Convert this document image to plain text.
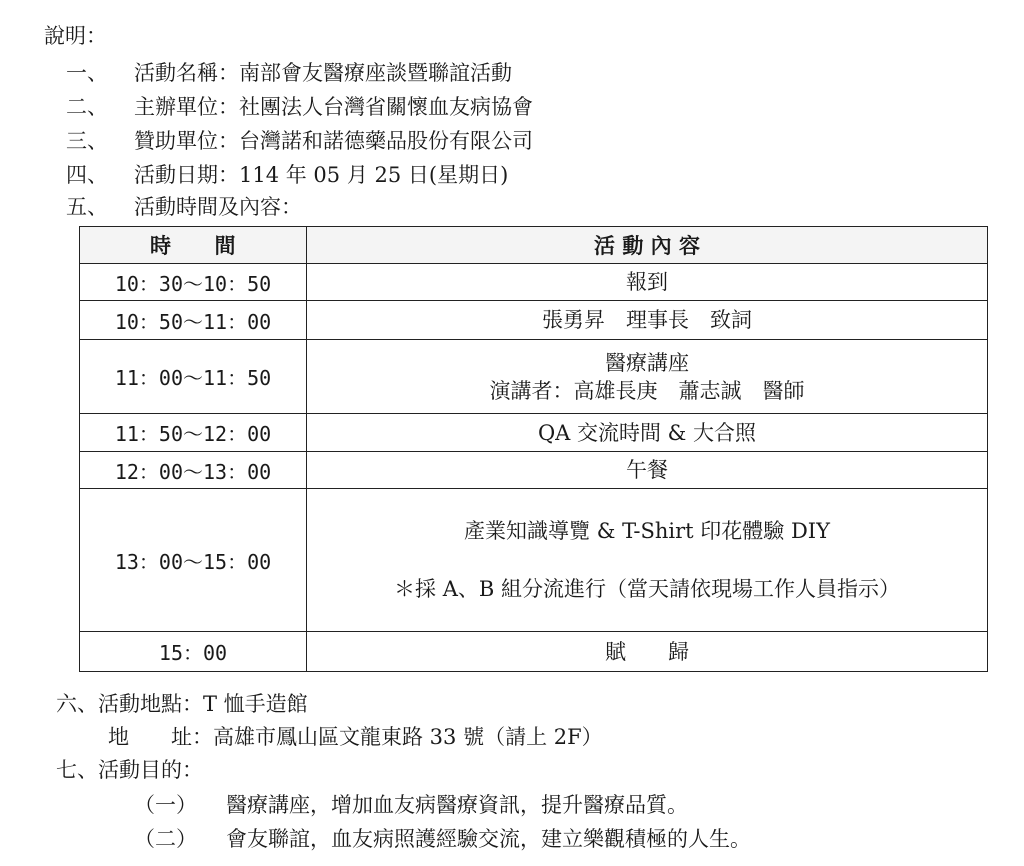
說明：
一、 活動名稱：南部會友醫療座談暨聯誼活動
二、 主辦單位：社團法人台灣省關懷血友病協會
三、 贊助單位：台灣諾和諾德藥品股份有限公司
四、 活動日期：114 年 05 月 25 日(星期日)
五、 活動時間及內容：
時　　間	活 動 內 容
10：30～10：50	報到

10：50～11：00	張勇昇　理事長　致詞

11：00～11：50	醫療講座
演講者：高雄長庚　蕭志誠　醫師

11：50～12：00	QA 交流時間 & 大合照

12：00～13：00	午餐

13：00～15：00	產業知識導覽 & T-Shirt 印花體驗 DIY
＊採 A、B 組分流進行（當天請依現場工作人員指示）

15：00	賦　　歸
六、活動地點：T 恤手造館
地　　址：高雄市鳳山區文龍東路 33 號（請上 2F）
七、活動目的：
（一） 醫療講座，增加血友病醫療資訊，提升醫療品質。
（二） 會友聯誼，血友病照護經驗交流，建立樂觀積極的人生。
